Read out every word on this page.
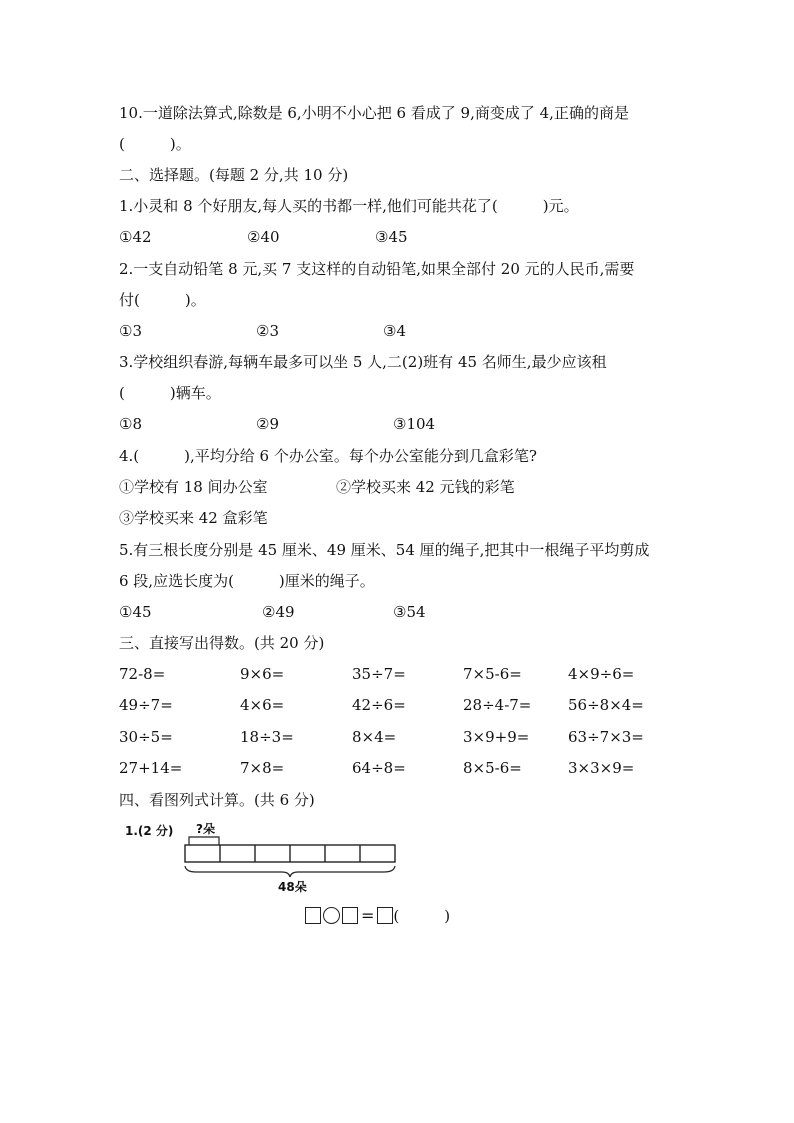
10.一道除法算式,除数是 6,小明不小心把 6 看成了 9,商变成了 4,正确的商是
(　　　)。
二、选择题。(每题 2 分,共 10 分)
1.小灵和 8 个好朋友,每人买的书都一样,他们可能共花了(　　　)元。
①42	②40	③45
2.一支自动铅笔 8 元,买 7 支这样的自动铅笔,如果全部付 20 元的人民币,需要
付(　　　)。
①3	②3	③4
3.学校组织春游,每辆车最多可以坐 5 人,二(2)班有 45 名师生,最少应该租
(　　　)辆车。
①8	②9	③104
4.(　　　),平均分给 6 个办公室。每个办公室能分到几盒彩笔?
①学校有 18 间办公室	②学校买来 42 元钱的彩笔
③学校买来 42 盒彩笔
5.有三根长度分别是 45 厘米、49 厘米、54 厘的绳子,把其中一根绳子平均剪成
6 段,应选长度为(　　　)厘米的绳子。
①45	②49	③54
三、直接写出得数。(共 20 分)
72-8=	9×6=	35÷7=	7×5-6=	4×9÷6=
49÷7=	4×6=	42÷6=	28÷4-7= 56÷8×4=
30÷5=	18÷3=	8×4=	3×9+9=	63÷7×3=
27+14=	7×8=	64÷8=	8×5-6=	3×3×9=
四、看图列式计算。(共 6 分)
1.(2 分) ?朵
48朵
= (　　　)
